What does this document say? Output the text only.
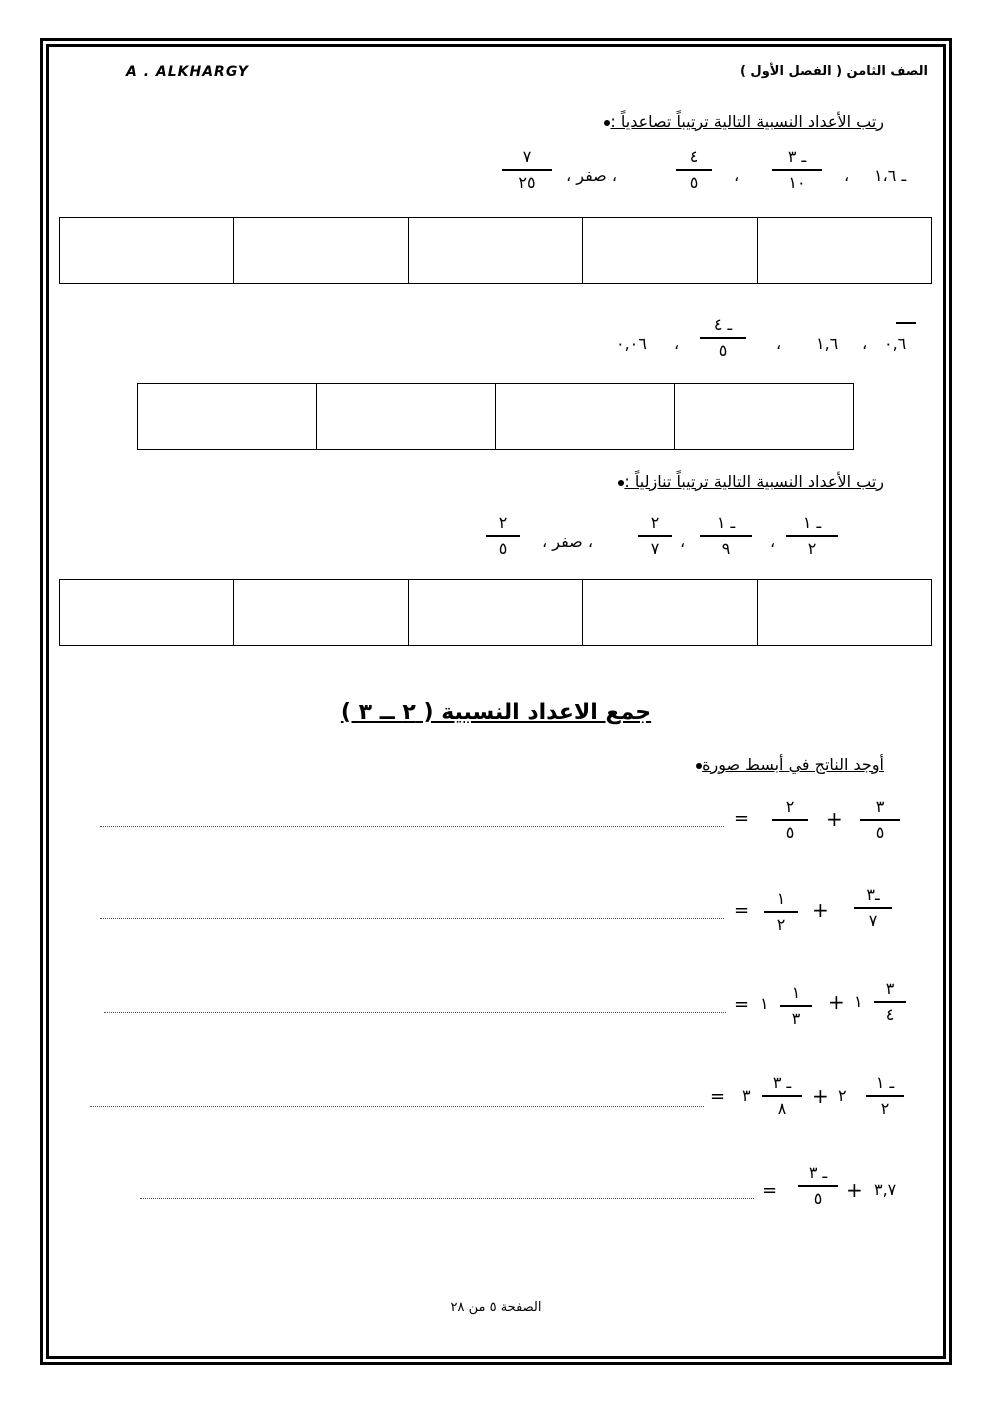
الصف الثامن ( الفصل الأول )
A . ALKHARGY
رتب الأعداد النسبية التالية ترتيباً تصاعدياً :
ـ ١،٦
،
ـ ٣
١٠
،
٤
٥
، صفر ،
٧
٢٥
٠,٦
،
١,٦
،
ـ ٤
٥
،
٠,٠٦
رتب الأعداد النسبية التالية ترتيباً تنازلياً :
ـ ١
٢
،
ـ ١
٩
،
٢
٧
، صفر ،
٢
٥
جمع الاعداد النسبية ( ٢ ــ ٣ )
أوجد الناتج في أبسط صورة
٣
٥
+
٢
٥
=
ـ٣
٧
+
١
٢
=
٣
٤
١
+
١
٣
١
=
ـ ١
٢
٢
+
ـ ٣
٨
٣
=
٣,٧
+
ـ ٣
٥
=
الصفحة ٥ من ٢٨
